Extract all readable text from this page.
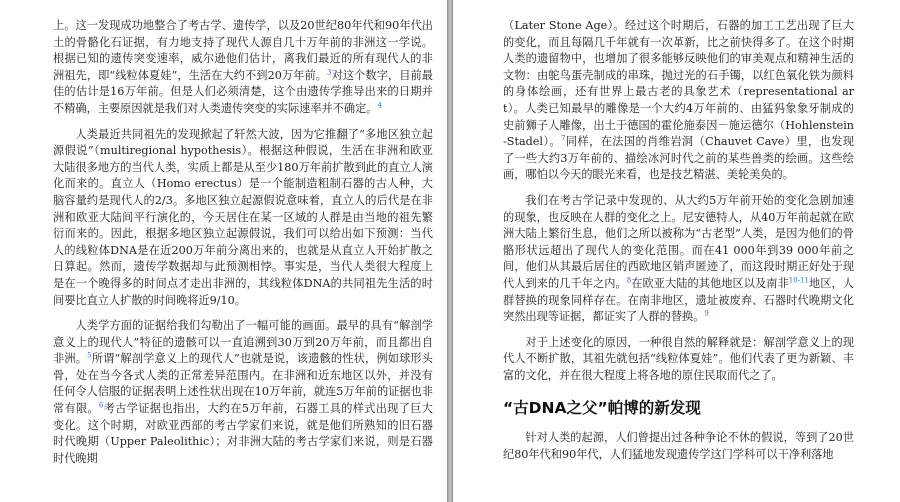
上。这一发现成功地整合了考古学、遗传学，以及20世纪80年代和90年代出土的骨骼化石证据，有力地支持了现代人源自几十万年前的非洲这一学说。根据已知的遗传突变速率，威尔逊他们估计，离我们最近的所有现代人的非洲祖先，即“线粒体夏娃”，生活在大约不到20万年前。$^3$对这个数字，目前最佳的估计是16万年前。但是人们必须清楚，这个由遗传学推导出来的日期并不精确，主要原因就是我们对人类遗传突变的实际速率并不确定。$^4$

人类最近共同祖先的发现掀起了轩然大波，因为它推翻了“多地区独立起源假说”（multiregional hypothesis）。根据这种假说，生活在非洲和欧亚大陆很多地方的当代人类，实质上都是从至少180万年前扩散到此的直立人演化而来的。直立人（Homo erectus）是一个能制造粗制石器的古人种，大脑容量约是现代人的2/3。多地区独立起源假说意味着，直立人的后代是在非洲和欧亚大陆间平行演化的，今天居住在某一区域的人群是由当地的祖先繁衍而来的。因此，根据多地区独立起源假说，我们可以给出如下预测：当代人的线粒体DNA是在近200万年前分离出来的，也就是从直立人开始扩散之日算起。然而，遗传学数据却与此预测相悖。事实是，当代人类很大程度上是在一个晚得多的时间点才走出非洲的，其线粒体DNA的共同祖先生活的时间要比直立人扩散的时间晚将近9/10。

人类学方面的证据给我们勾勒出了一幅可能的画面。最早的具有“解剖学意义上的现代人”特征的遗骸可以一直追溯到30万到20万年前，而且都出自非洲。$^5$所谓“解剖学意义上的现代人”也就是说，该遗骸的性状，例如球形头骨，处在当今各式人类的正常差异范围内。在非洲和近东地区以外，并没有任何令人信服的证据表明上述性状出现在10万年前，就连5万年前的证据也非常有限。$^6$考古学证据也指出，大约在5万年前，石器工具的样式出现了巨大变化。这个时期，对欧亚西部的考古学家们来说，就是他们所熟知的旧石器时代晚期（Upper Paleolithic）；对非洲大陆的考古学家们来说，则是石器时代晚期

（Later Stone Age）。经过这个时期后，石器的加工工艺出现了巨大的变化，而且每隔几千年就有一次革新，比之前快得多了。在这个时期人类的遗留物中，也增加了很多能够反映他们的审美观点和精神生活的文物：由鸵鸟蛋壳制成的串珠，抛过光的石手镯，以红色氧化铁为颜料的身体绘画，还有世界上最古老的具象艺术（representational art）。人类已知最早的雕像是一个大约4万年前的、由猛犸象象牙制成的史前狮子人雕像，出土于德国的霍伦施泰因－施运德尔（Hohlenstein-Stadel）。$^7$同样，在法国的肖维岩洞（Chauvet Cave）里，也发现了一些大约3万年前的、描绘冰河时代之前的某些兽类的绘画。这些绘画，哪怕以今天的眼光来看，也是技艺精湛、美轮美奂的。

我们在考古学记录中发现的、从大约5万年前开始的变化急剧加速的现象，也反映在人群的变化之上。尼安德特人，从40万年前起就在欧洲大陆上繁衍生息，他们之所以被称为“古老型”人类，是因为他们的骨骼形状远超出了现代人的变化范围。而在41 000年到39 000年前之间，他们从其最后居住的西欧地区销声匿迹了，而这段时期正好处于现代人到来的几千年之内。$^8$在欧亚大陆的其他地区以及南非$^{10-11}$地区，人群替换的现象同样存在。在南非地区，遗址被废弃、石器时代晚期文化突然出现等证据，都证实了人群的替换。$^9$

对于上述变化的原因，一种很自然的解释就是：解剖学意义上的现代人不断扩散，其祖先就包括“线粒体夏娃”。他们代表了更为新颖、丰富的文化，并在很大程度上将各地的原住民取而代之了。

“古DNA之父”帕博的新发现

针对人类的起源，人们曾提出过各种争论不休的假说，等到了20世纪80年代和90年代，人们猛地发现遗传学这门学科可以干净利落地
